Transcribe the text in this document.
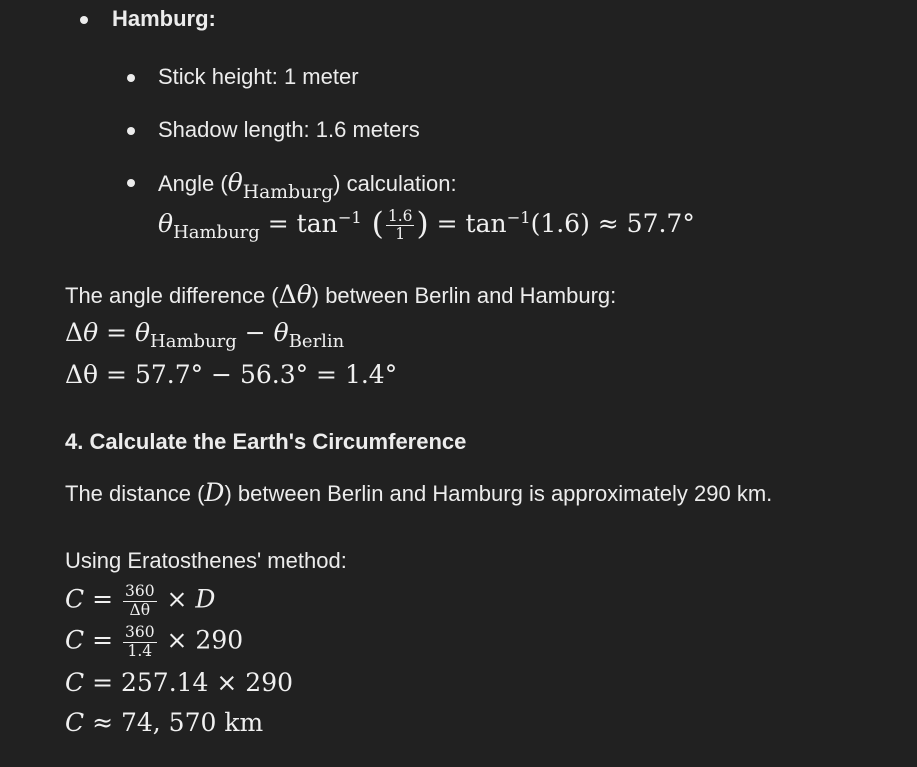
Hamburg:
Stick height: 1 meter
Shadow length: 1.6 meters
Angle $(\theta_{Hamburg})$ calculation:
$\theta_{Hamburg} = \tan^{-1}$ ( $\frac{1.6}{1}$ ) = $\tan^{-1}(1.6) \approx 57.7^\circ$
The angle difference (Δθ) between Berlin and Hamburg:
$\Delta\theta = \theta_{Hamburg} - \theta_{Berlin}$
Δθ = 57.7° − 56.3° = 1.4°
4. Calculate the Earth's Circumference
The distance (D) between Berlin and Hamburg is approximately 290 km.
Using Eratosthenes' method:
$C = \frac{360}{\Delta\theta} \times D$
$C = \frac{360}{1.4} \times 290$
C = 257.14 × 290
C ≈ 74, 570 km
